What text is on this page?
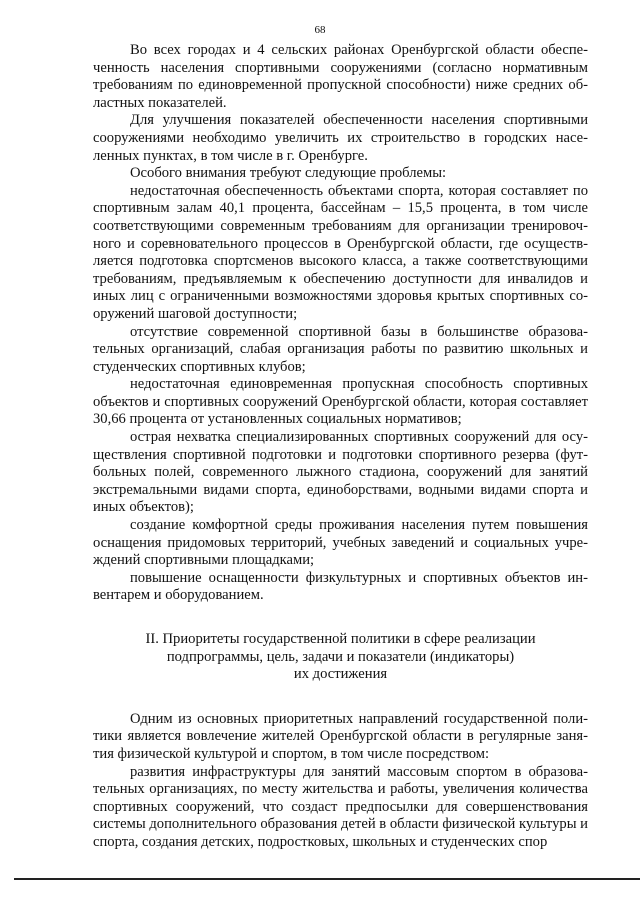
68

Во всех городах и 4 сельских районах Оренбургской области обеспеченность населения спортивными сооружениями (согласно нормативным требованиям по единовременной пропускной способности) ниже средних областных показателей.

Для улучшения показателей обеспеченности населения спортивными сооружениями необходимо увеличить их строительство в городских населенных пунктах, в том числе в г. Оренбурге.

Особого внимания требуют следующие проблемы:

недостаточная обеспеченность объектами спорта, которая составляет по спортивным залам 40,1 процента, бассейнам – 15,5 процента, в том числе соответствующими современным требованиям для организации тренировочного и соревновательного процессов в Оренбургской области, где осуществляется подготовка спортсменов высокого класса, а также соответствующими требованиям, предъявляемым к обеспечению доступности для инвалидов и иных лиц с ограниченными возможностями здоровья крытых спортивных сооружений шаговой доступности;

отсутствие современной спортивной базы в большинстве образовательных организаций, слабая организация работы по развитию школьных и студенческих спортивных клубов;

недостаточная единовременная пропускная способность спортивных объектов и спортивных сооружений Оренбургской области, которая составляет 30,66 процента от установленных социальных нормативов;

острая нехватка специализированных спортивных сооружений для осуществления спортивной подготовки и подготовки спортивного резерва (футбольных полей, современного лыжного стадиона, сооружений для занятий экстремальными видами спорта, единоборствами, водными видами спорта и иных объектов);

создание комфортной среды проживания населения путем повышения оснащения придомовых территорий, учебных заведений и социальных учреждений спортивными площадками;

повышение оснащенности физкультурных и спортивных объектов инвентарем и оборудованием.

II. Приоритеты государственной политики в сфере реализации
подпрограммы, цель, задачи и показатели (индикаторы)
их достижения

Одним из основных приоритетных направлений государственной политики является вовлечение жителей Оренбургской области в регулярные занятия физической культурой и спортом, в том числе посредством:

развития инфраструктуры для занятий массовым спортом в образовательных организациях, по месту жительства и работы, увеличения количества спортивных сооружений, что создаст предпосылки для совершенствования системы дополнительного образования детей в области физической культуры и спорта, создания детских, подростковых, школьных и студенческих спор
